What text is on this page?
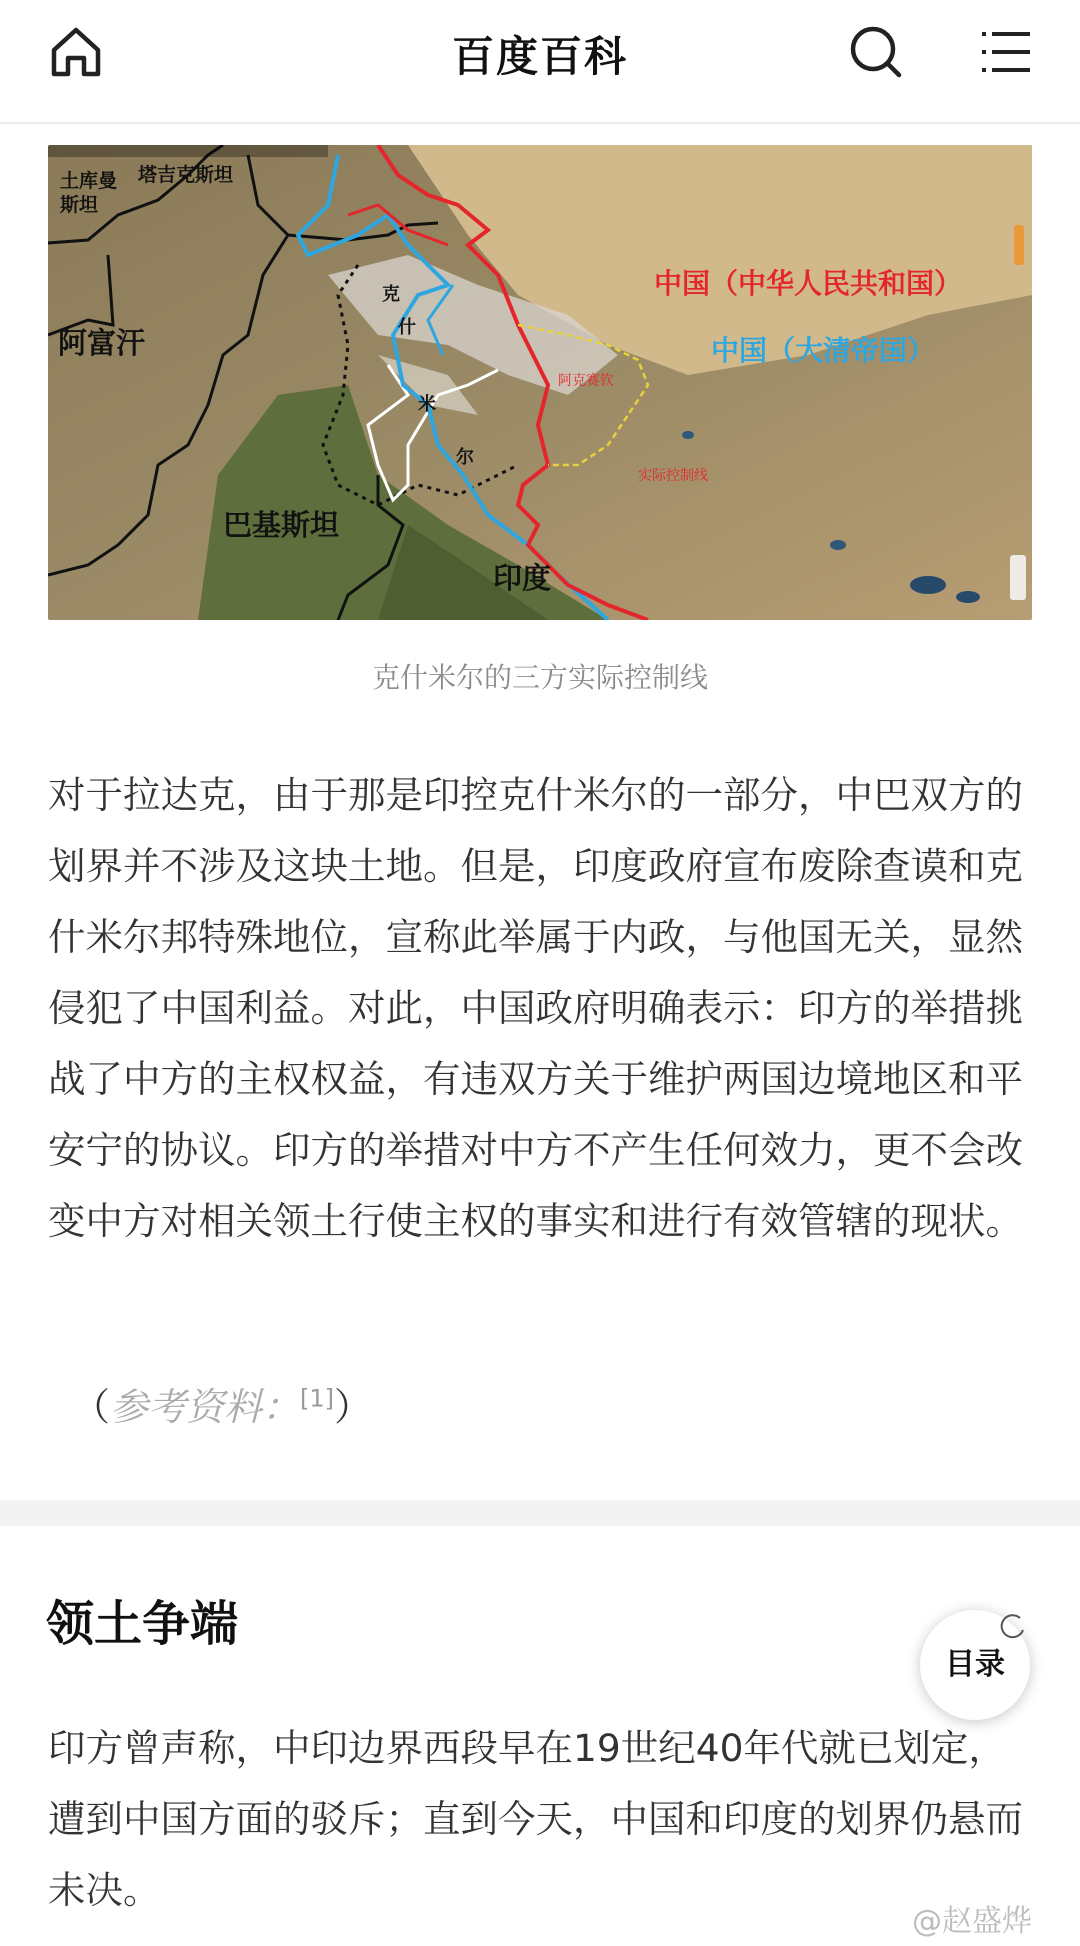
百度百科
阿克赛钦
实际控制线
土库曼
斯坦
塔吉克斯坦
阿富汗
巴基斯坦
印度
中国（中华人民共和国）
中国（大清帝国）
克
什
米
尔
克什米尔的三方实际控制线
对于拉达克，由于那是印控克什米尔的一部分，中巴双方的划界并不涉及这块土地。但是，印度政府宣布废除查谟和克什米尔邦特殊地位，宣称此举属于内政，与他国无关，显然侵犯了中国利益。对此，中国政府明确表示：印方的举措挑战了中方的主权权益，有违双方关于维护两国边境地区和平安宁的协议。印方的举措对中方不产生任何效力，更不会改变中方对相关领土行使主权的事实和进行有效管辖的现状。
（参考资料：[1]）
领土争端
目录
印方曾声称，中印边界西段早在19世纪40年代就已划定，遭到中国方面的驳斥；直到今天，中国和印度的划界仍悬而未决。
@赵盛烨
